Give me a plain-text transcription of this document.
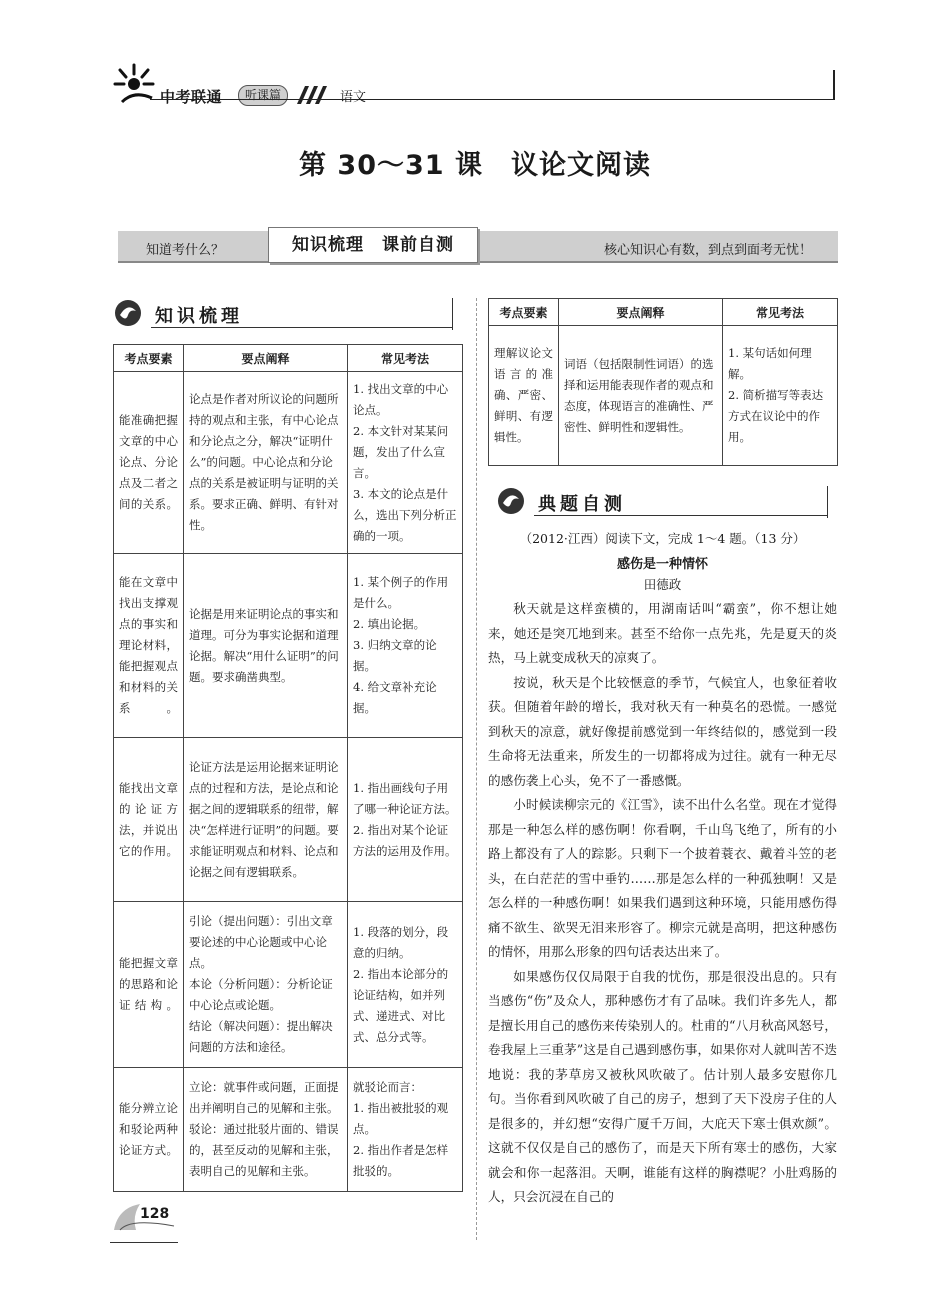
中考联通	听课篇	语文
第 30～31 课　议论文阅读
知道考什么？	知识梳理　课前自测	核心知识心有数，到点到面考无忧！
知识梳理
考点要素	要点阐释	常见考法
能准确把握文章的中心论点、分论点及二者之间的关系。	论点是作者对所议论的问题所持的观点和主张，有中心论点和分论点之分，解决“证明什么”的问题。中心论点和分论点的关系是被证明与证明的关系。要求正确、鲜明、有针对性。	1. 找出文章的中心论点。
2. 本文针对某某问题，发出了什么宣言。
3. 本文的论点是什么，选出下列分析正确的一项。

能在文章中找出支撑观点的事实和理论材料，能把握观点和材料的关系。	论据是用来证明论点的事实和道理。可分为事实论据和道理论据。解决“用什么证明”的问题。要求确凿典型。	1. 某个例子的作用是什么。
2. 填出论据。
3. 归纳文章的论据。
4. 给文章补充论据。

能找出文章的论证方法，并说出它的作用。	论证方法是运用论据来证明论点的过程和方法，是论点和论据之间的逻辑联系的纽带，解决“怎样进行证明”的问题。要求能证明观点和材料、论点和论据之间有逻辑联系。	1. 指出画线句子用了哪一种论证方法。
2. 指出对某个论证方法的运用及作用。

能把握文章的思路和论证结构。	引论（提出问题）：引出文章要论述的中心论题或中心论点。
本论（分析问题）：分析论证中心论点或论题。
结论（解决问题）：提出解决问题的方法和途径。	1. 段落的划分，段意的归纳。
2. 指出本论部分的论证结构，如并列式、递进式、对比式、总分式等。

能分辨立论和驳论两种论证方式。	立论：就事件或问题，正面提出并阐明自己的见解和主张。
驳论：通过批驳片面的、错误的，甚至反动的见解和主张，表明自己的见解和主张。	就驳论而言：
1. 指出被批驳的观点。
2. 指出作者是怎样批驳的。
考点要素	要点阐释	常见考法
理解议论文语言的准确、严密、鲜明、有逻辑性。	词语（包括限制性词语）的选择和运用能表现作者的观点和态度，体现语言的准确性、严密性、鲜明性和逻辑性。	1. 某句话如何理解。
2. 简析描写等表达方式在议论中的作用。
典题自测
（2012·江西）阅读下文，完成 1～4 题。（13 分）
感伤是一种情怀
田德政

秋天就是这样蛮横的，用湖南话叫“霸蛮”，你不想让她来，她还是突兀地到来。甚至不给你一点先兆，先是夏天的炎热，马上就变成秋天的凉爽了。

按说，秋天是个比较惬意的季节，气候宜人，也象征着收获。但随着年龄的增长，我对秋天有一种莫名的恐慌。一感觉到秋天的凉意，就好像提前感觉到一年终结似的，感觉到一段生命将无法重来，所发生的一切都将成为过往。就有一种无尽的感伤袭上心头，免不了一番感慨。

小时候读柳宗元的《江雪》，读不出什么名堂。现在才觉得那是一种怎么样的感伤啊！你看啊，千山鸟飞绝了，所有的小路上都没有了人的踪影。只剩下一个披着蓑衣、戴着斗笠的老头，在白茫茫的雪中垂钓……那是怎么样的一种孤独啊！又是怎么样的一种感伤啊！如果我们遇到这种环境，只能用感伤得痛不欲生、欲哭无泪来形容了。柳宗元就是高明，把这种感伤的情怀，用那么形象的四句话表达出来了。

如果感伤仅仅局限于自我的忧伤，那是很没出息的。只有当感伤“伤”及众人，那种感伤才有了品味。我们许多先人，都是擅长用自己的感伤来传染别人的。杜甫的“八月秋高风怒号，卷我屋上三重茅”这是自己遇到感伤事，如果你对人就叫苦不迭地说：我的茅草房又被秋风吹破了。估计别人最多安慰你几句。当你看到风吹破了自己的房子，想到了天下没房子住的人是很多的，并幻想“安得广厦千万间，大庇天下寒士俱欢颜”。这就不仅仅是自己的感伤了，而是天下所有寒士的感伤，大家就会和你一起落泪。天啊，谁能有这样的胸襟呢？小肚鸡肠的人，只会沉浸在自己的

128
